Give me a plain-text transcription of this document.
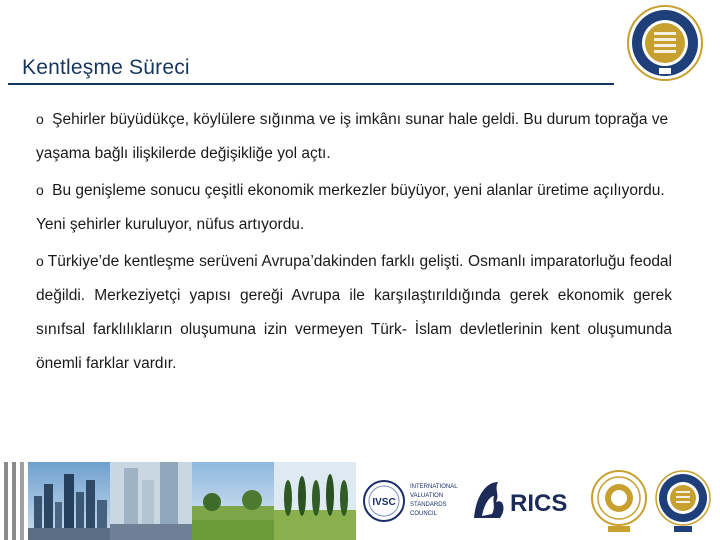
Kentleşme Süreci

o Şehirler büyüdükçe, köylülere sığınma ve iş imkânı sunar hale geldi. Bu durum toprağa ve yaşama bağlı ilişkilerde değişikliğe yol açtı.

o Bu genişleme sonucu çeşitli ekonomik merkezler büyüyor, yeni alanlar üretime açılıyordu. Yeni şehirler kuruluyor, nüfus artıyordu.

o Türkiye’de kentleşme serüveni Avrupa’dakinden farklı gelişti. Osmanlı imparatorluğu feodal değildi. Merkeziyetçi yapısı gereği Avrupa ile karşılaştırıldığında gerek ekonomik gerek sınıfsal farklılıkların oluşumuna izin vermeyen Türk- İslam devletlerinin kent oluşumunda önemli farklar vardır.

IVSC
INTERNATIONAL
VALUATION
STANDARDS
COUNCIL	RICS
